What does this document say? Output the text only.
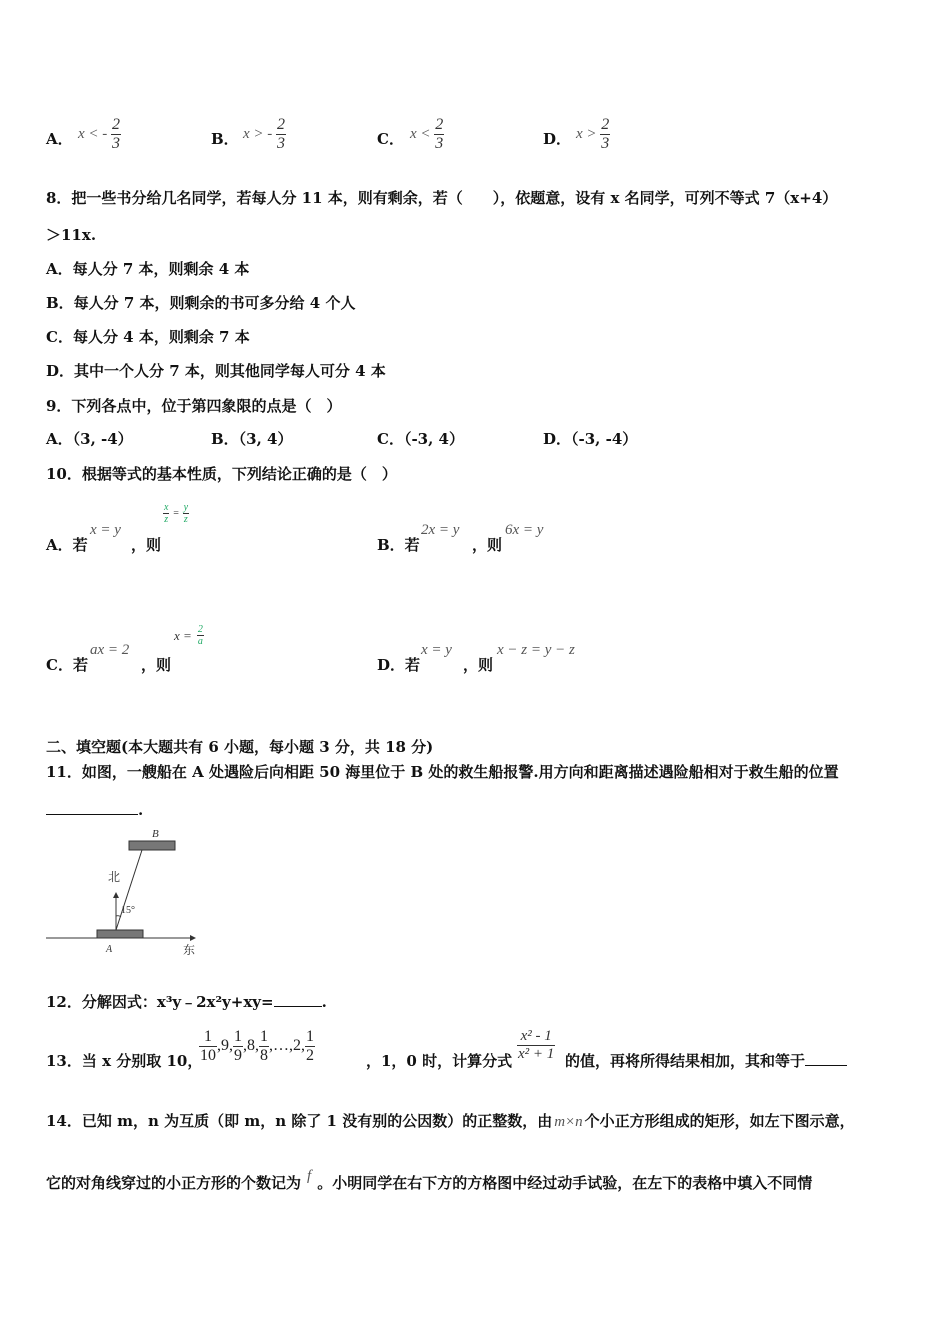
A． x < - $\frac{2}{3}$	B． x > - $\frac{2}{3}$	C． $x < \frac{2}{3}$	D． $x > \frac{2}{3}$
8．把一些书分给几名同学，若每人分 11 本，则有剩余，若（　　），依题意，设有 x 名同学，可列不等式 7（x+4）
＞11x.
A．每人分 7 本，则剩余 4 本
B．每人分 7 本，则剩余的书可多分给 4 个人
C．每人分 4 本，则剩余 7 本
D．其中一个人分 7 本，则其他同学每人可分 4 本
9．下列各点中，位于第四象限的点是（　）
A．（3, -4）	B．（3, 4）	C．（-3, 4）	D．（-3, -4）
10．根据等式的基本性质，下列结论正确的是（　）
A．若
x = y
，则
$\frac{x}{z} = \frac{y}{z}$
B．若
2x = y
，则
6x = y
C．若
ax = 2
，则
$x = \frac{2}{a}$
D．若
x = y
，则
x − z = y − z
二、填空题(本大题共有 6 小题，每小题 3 分，共 18 分)
11．如图，一艘船在 A 处遇险后向相距 50 海里位于 B 处的救生船报警.用方向和距离描述遇险船相对于救生船的位置
.
B
东
A
北
15°
12．分解因式：x³y﹣2x²y+xy=	.
13．当 x 分别取 10，
$\frac{1}{10} ,9$, $\frac{1}{9} ,8$, $\frac{1}{8}$ ,…,2, $\frac{1}{2}$	，1，0 时，计算分式 $\frac{\text{x² - 1}}{\text{x² + 1}}$ 的值，再将所得结果相加，其和等于
14．已知 m，n 为互质（即 m，n 除了 1 没有别的公因数）的正整数，由 m×n 个小正方形组成的矩形，如左下图示意，
它的对角线穿过的小正方形的个数记为 f 。小明同学在右下方的方格图中经过动手试验，在左下的表格中填入不同情
